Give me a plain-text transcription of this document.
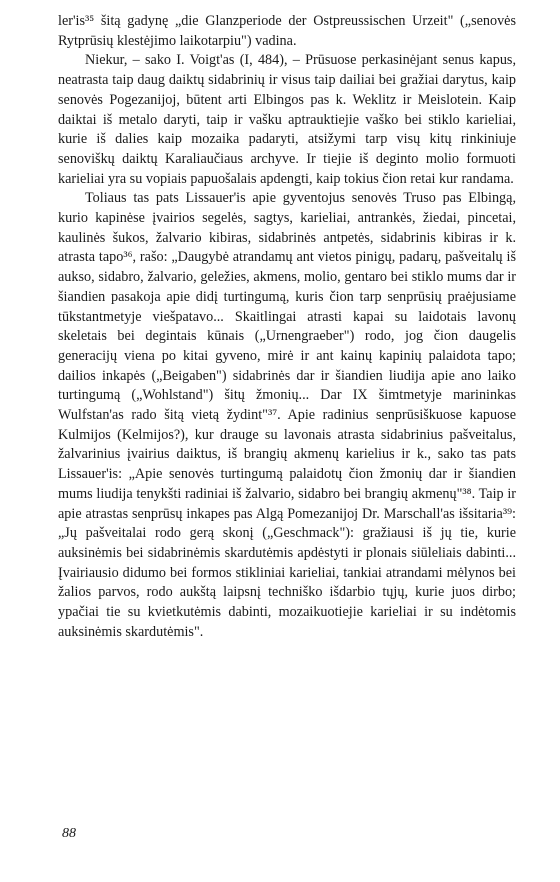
ler'is³⁵ šitą gadynę „die Glanzperiode der Ostpreussischen Urzeit" („senovės Rytprūsių klestėjimo laikotarpiu") vadina.

Niekur, – sako I. Voigt'as (I, 484), – Prūsuose perkasinėjant senus kapus, neatrasta taip daug daiktų sidabrinių ir visus taip dailiai bei gražiai darytus, kaip senovės Pogezanijoj, būtent arti Elbingos pas k. Weklitz ir Meislotein. Kaip daiktai iš metalo daryti, taip ir vašku aptrauktiejie vaško bei stiklo karieliai, kurie iš dalies kaip mozaika padaryti, atsižymi tarp visų kitų rinkiniuje senoviškų daiktų Karaliaučiaus archyve. Ir tiejie iš deginto molio formuoti karieliai yra su vopiais papuošalais apdengti, kaip tokius čion retai kur randama.

Toliaus tas pats Lissauer'is apie gyventojus senovės Truso pas Elbingą, kurio kapinėse įvairios segelės, sagtys, karieliai, antrankės, žiedai, pincetai, kaulinės šukos, žalvario kibiras, sidabrinės antpetės, sidabrinis kibiras ir k. atrasta tapo³⁶, rašo: „Daugybė atrandamų ant vietos pinigų, padarų, pašveitalų iš aukso, sidabro, žalvario, geležies, akmens, molio, gentaro bei stiklo mums dar ir šiandien pasakoja apie didį turtingumą, kuris čion tarp senprūsių praėjusiame tūkstantmetyje viešpatavo... Skaitlingai atrasti kapai su laidotais lavonų skeletais bei degintais kūnais („Urnengraeber") rodo, jog čion daugelis generacijų viena po kitai gyveno, mirė ir ant kainų kapinių palaidota tapo; dailios inkapės („Beigaben") sidabrinės dar ir šiandien liudija apie ano laiko turtingumą („Wohlstand") šitų žmonių... Dar IX šimtmetyje marininkas Wulfstan'as rado šitą vietą žydint"³⁷. Apie radinius senprūsiškuose kapuose Kulmijos (Kelmijos?), kur drauge su lavonais atrasta sidabrinius pašveitalus, žalvarinius įvairius daiktus, iš brangių akmenų karielius ir k., sako tas pats Lissauer'is: „Apie senovės turtingumą palaidotų čion žmonių dar ir šiandien mums liudija tenykšti radiniai iš žalvario, sidabro bei brangių akmenų"³⁸. Taip ir apie atrastas senprūsų inkapes pas Algą Pomezanijoj Dr. Marschall'as išsitaria³⁹: „Jų pašveitalai rodo gerą skonį („Geschmack"): gražiausi iš jų tie, kurie auksinėmis bei sidabrinėmis skardutėmis apdėstyti ir plonais siūleliais dabinti... Įvairiausio didumo bei formos stikliniai karieliai, tankiai atrandami mėlynos bei žalios parvos, rodo aukštą laipsnį techniško išdarbio tųjų, kurie juos dirbo; ypačiai tie su kvietkutėmis dabinti, mozaikuotiejie karieliai ir su indėtomis auksinėmis skardutėmis".

88
